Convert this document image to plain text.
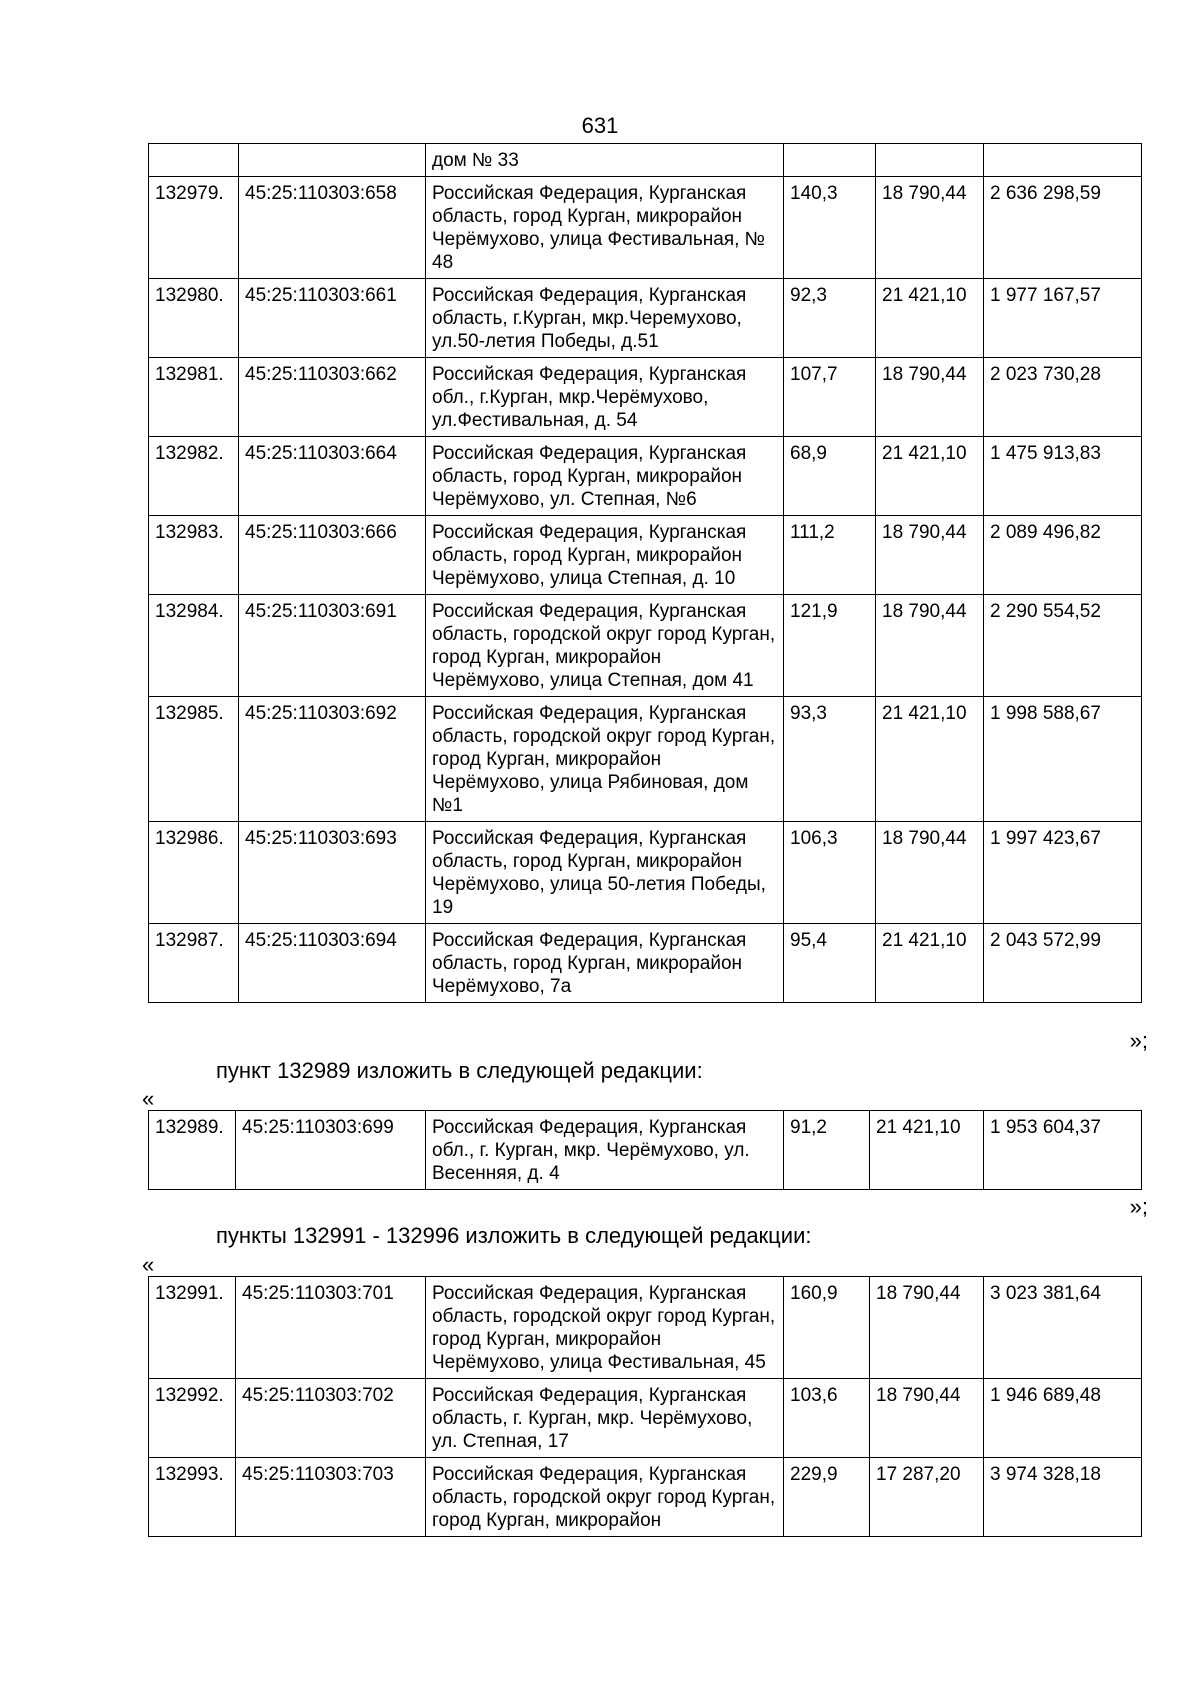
631
		дом № 33			
132979.	45:25:110303:658	Российская Федерация, Курганская область, город Курган, микрорайон Черёмухово, улица Фестивальная, № 48	140,3	18 790,44	2 636 298,59
132980.	45:25:110303:661	Российская Федерация, Курганская область, г.Курган, мкр.Черемухово, ул.50-летия Победы, д.51	92,3	21 421,10	1 977 167,57
132981.	45:25:110303:662	Российская Федерация, Курганская обл., г.Курган, мкр.Черёмухово, ул.Фестивальная, д. 54	107,7	18 790,44	2 023 730,28
132982.	45:25:110303:664	Российская Федерация, Курганская область, город Курган, микрорайон Черёмухово, ул. Степная, №6	68,9	21 421,10	1 475 913,83
132983.	45:25:110303:666	Российская Федерация, Курганская область, город Курган, микрорайон Черёмухово, улица Степная, д. 10	111,2	18 790,44	2 089 496,82
132984.	45:25:110303:691	Российская Федерация, Курганская область, городской округ город Курган, город Курган, микрорайон Черёмухово, улица Степная, дом 41	121,9	18 790,44	2 290 554,52
132985.	45:25:110303:692	Российская Федерация, Курганская область, городской округ город Курган, город Курган, микрорайон Черёмухово, улица Рябиновая, дом №1	93,3	21 421,10	1 998 588,67
132986.	45:25:110303:693	Российская Федерация, Курганская область, город Курган, микрорайон Черёмухово, улица 50-летия Победы, 19	106,3	18 790,44	1 997 423,67
132987.	45:25:110303:694	Российская Федерация, Курганская область, город Курган, микрорайон Черёмухово, 7а	95,4	21 421,10	2 043 572,99
»;
пункт 132989 изложить в следующей редакции:
«
132989.	45:25:110303:699	Российская Федерация, Курганская обл., г. Курган, мкр. Черёмухово, ул. Весенняя, д. 4	91,2	21 421,10	1 953 604,37
»;
пункты 132991 - 132996 изложить в следующей редакции:
«
132991.	45:25:110303:701	Российская Федерация, Курганская область, городской округ город Курган, город Курган, микрорайон Черёмухово, улица Фестивальная, 45	160,9	18 790,44	3 023 381,64
132992.	45:25:110303:702	Российская Федерация, Курганская область, г. Курган, мкр. Черёмухово, ул. Степная, 17	103,6	18 790,44	1 946 689,48
132993.	45:25:110303:703	Российская Федерация, Курганская область, городской округ город Курган, город Курган, микрорайон	229,9	17 287,20	3 974 328,18
